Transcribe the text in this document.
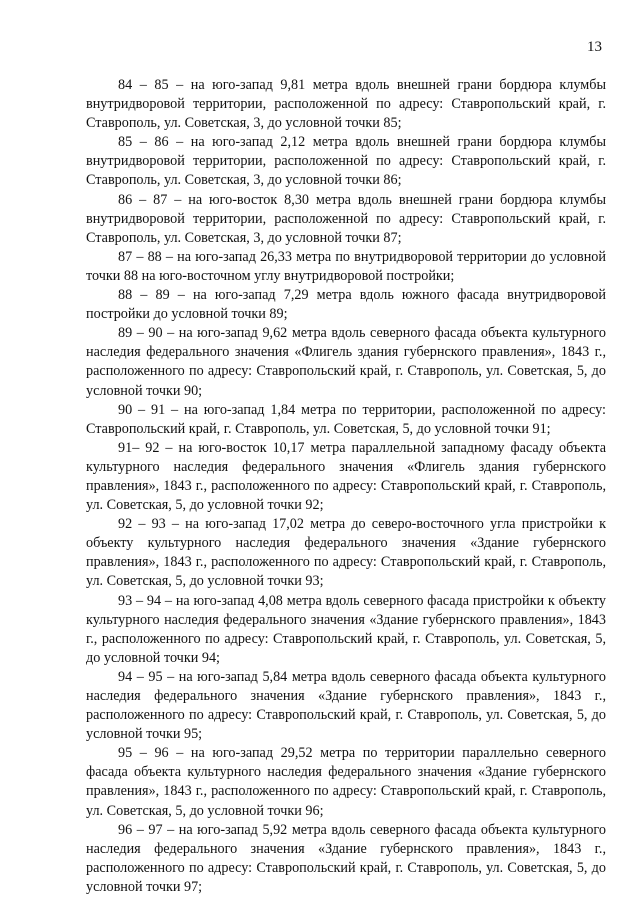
13

84 – 85 – на юго-запад 9,81 метра вдоль внешней грани бордюра клумбы внутридворовой территории, расположенной по адресу: Ставропольский край, г. Ставрополь, ул. Советская, 3, до условной точки 85;

85 – 86 – на юго-запад 2,12 метра вдоль внешней грани бордюра клумбы внутридворовой территории, расположенной по адресу: Ставропольский край, г. Ставрополь, ул. Советская, 3, до условной точки 86;

86 – 87 – на юго-восток 8,30 метра вдоль внешней грани бордюра клумбы внутридворовой территории, расположенной по адресу: Ставропольский край, г. Ставрополь, ул. Советская, 3, до условной точки 87;

87 – 88 – на юго-запад 26,33 метра по внутридворовой территории до условной точки 88 на юго-восточном углу внутридворовой постройки;

88 – 89 – на юго-запад 7,29 метра вдоль южного фасада внутридворовой постройки до условной точки 89;

89 – 90 – на юго-запад 9,62 метра вдоль северного фасада объекта культурного наследия федерального значения «Флигель здания губернского правления», 1843 г., расположенного по адресу: Ставропольский край, г. Ставрополь, ул. Советская, 5, до условной точки 90;

90 – 91 – на юго-запад 1,84 метра по территории, расположенной по адресу: Ставропольский край, г. Ставрополь, ул. Советская, 5, до условной точки 91;

91– 92 – на юго-восток 10,17 метра параллельной западному фасаду объекта культурного наследия федерального значения «Флигель здания губернского правления», 1843 г., расположенного по адресу: Ставропольский край, г. Ставрополь, ул. Советская, 5, до условной точки 92;

92 – 93 – на юго-запад 17,02 метра до северо-восточного угла пристройки к объекту культурного наследия федерального значения «Здание губернского правления», 1843 г., расположенного по адресу: Ставропольский край, г. Ставрополь, ул. Советская, 5, до условной точки 93;

93 – 94 – на юго-запад 4,08 метра вдоль северного фасада пристройки к объекту культурного наследия федерального значения «Здание губернского правления», 1843 г., расположенного по адресу: Ставропольский край, г. Ставрополь, ул. Советская, 5, до условной точки 94;

94 – 95 – на юго-запад 5,84 метра вдоль северного фасада объекта культурного наследия федерального значения «Здание губернского правления», 1843 г., расположенного по адресу: Ставропольский край, г. Ставрополь, ул. Советская, 5, до условной точки 95;

95 – 96 – на юго-запад 29,52 метра по территории параллельно северного фасада объекта культурного наследия федерального значения «Здание губернского правления», 1843 г., расположенного по адресу: Ставропольский край, г. Ставрополь, ул. Советская, 5, до условной точки 96;

96 – 97 – на юго-запад 5,92 метра вдоль северного фасада объекта культурного наследия федерального значения «Здание губернского правления», 1843 г., расположенного по адресу: Ставропольский край, г. Ставрополь, ул. Советская, 5, до условной точки 97;
